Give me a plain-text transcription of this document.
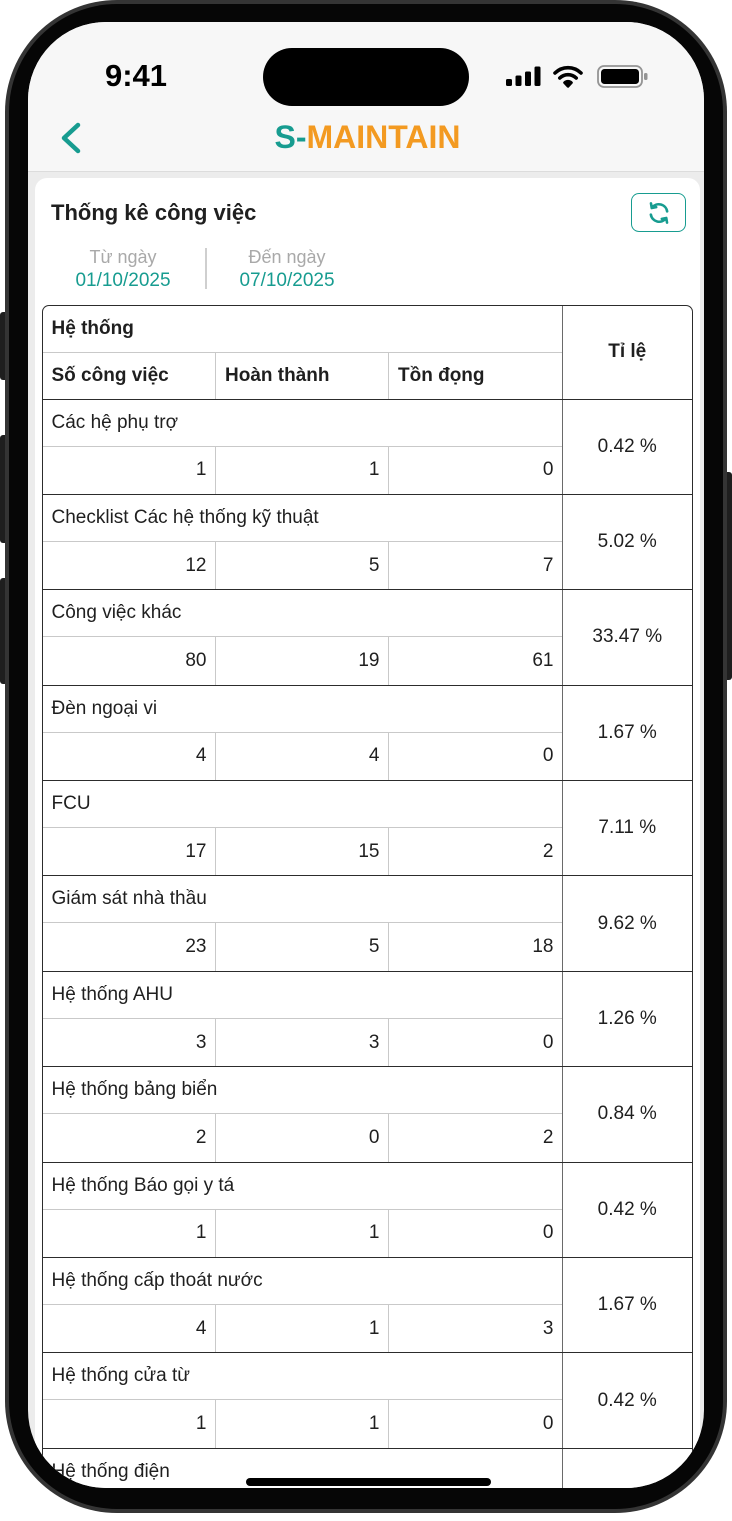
9:41
S-MAINTAIN
Thống kê công việc
Từ ngày
01/10/2025
Đến ngày
07/10/2025
Hệ thống
Số công việc	Hoàn thành	Tồn đọng
Tỉ lệ
Các hệ phụ trợ
1	1	0
0.42 %
Checklist Các hệ thống kỹ thuật
12	5	7
5.02 %
Công việc khác
80	19	61
33.47 %
Đèn ngoại vi
4	4	0
1.67 %
FCU
17	15	2
7.11 %
Giám sát nhà thầu
23	5	18
9.62 %
Hệ thống AHU
3	3	0
1.26 %
Hệ thống bảng biển
2	0	2
0.84 %
Hệ thống Báo gọi y tá
1	1	0
0.42 %
Hệ thống cấp thoát nước
4	1	3
1.67 %
Hệ thống cửa từ
1	1	0
0.42 %
Hệ thống điện
